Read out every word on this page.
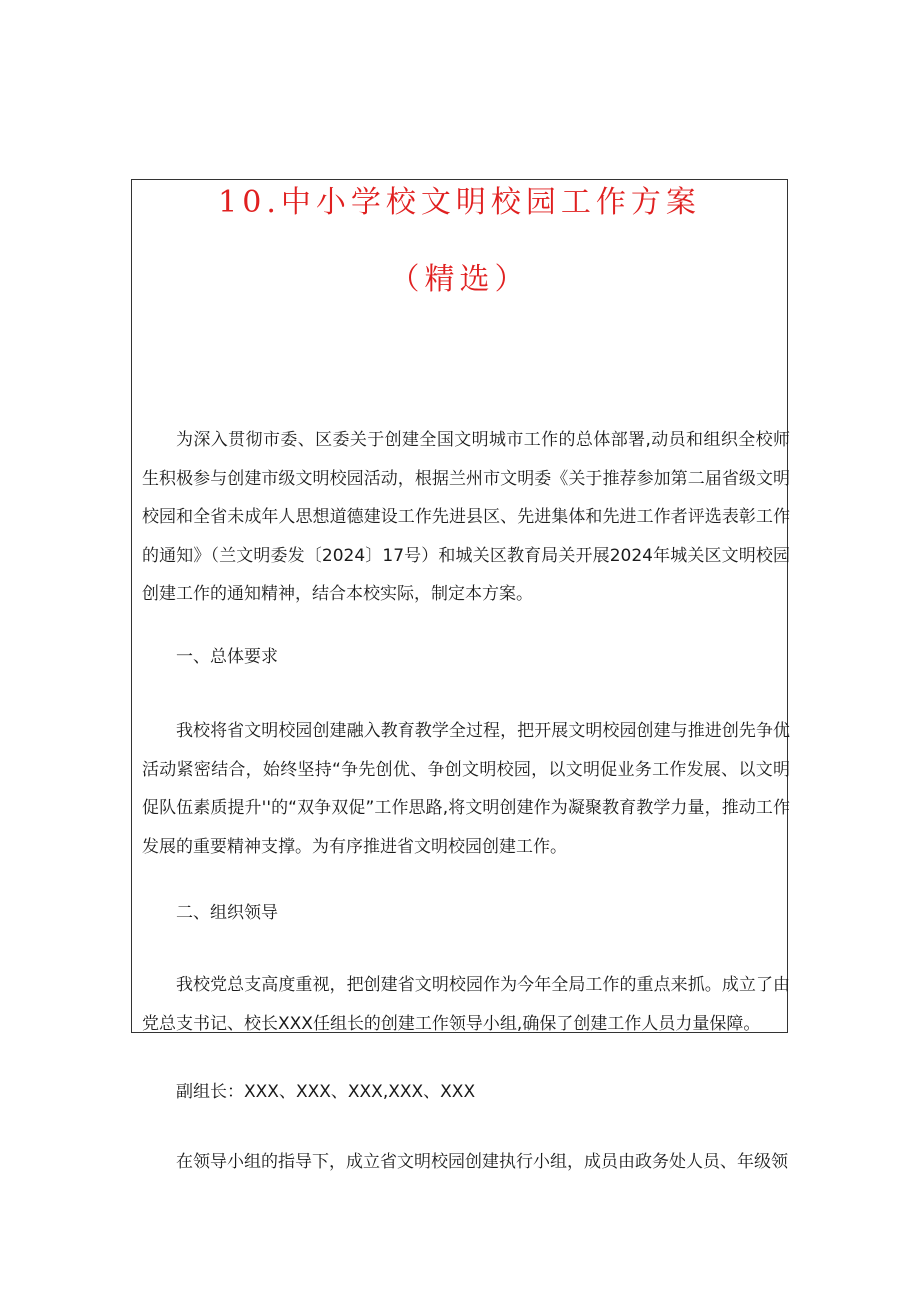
10.中小学校文明校园工作方案
（精选）

为深入贯彻市委、区委关于创建全国文明城市工作的总体部署,动员和组织全校师生积极参与创建市级文明校园活动，根据兰州市文明委《关于推荐参加第二届省级文明校园和全省未成年人思想道德建设工作先进县区、先进集体和先进工作者评选表彰工作的通知》（兰文明委发〔2024〕17号）和城关区教育局关开展2024年城关区文明校园创建工作的通知精神，结合本校实际，制定本方案。

一、总体要求

我校将省文明校园创建融入教育教学全过程，把开展文明校园创建与推进创先争优活动紧密结合，始终坚持“争先创优、争创文明校园，以文明促业务工作发展、以文明促队伍素质提升''的“双争双促”工作思路,将文明创建作为凝聚教育教学力量，推动工作发展的重要精神支撑。为有序推进省文明校园创建工作。

二、组织领导

我校党总支高度重视，把创建省文明校园作为今年全局工作的重点来抓。成立了由党总支书记、校长XXX任组长的创建工作领导小组,确保了创建工作人员力量保障。

副组长：XXX、XXX、XXX,XXX、XXX

在领导小组的指导下，成立省文明校园创建执行小组，成员由政务处人员、年级领
